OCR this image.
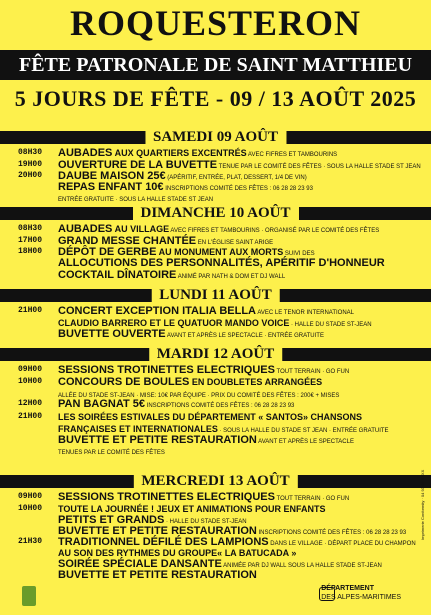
ROQUESTERON
FÊTE PATRONALE DE SAINT MATTHIEU
5 JOURS DE FÊTE - 09 / 13 AOÛT 2025
SAMEDI 09 AOÛT
08H30 AUBADES AUX QUARTIERS EXCENTRÉS AVEC FIFRES ET TAMBOURINS
19H00 OUVERTURE DE LA BUVETTE TENUE PAR LE COMITÉ DES FÊTES · SOUS LA HALLE STADE ST JEAN
20H00 DAUBE MAISON 25€ (APÉRITIF, ENTRÉE, PLAT, DESSERT, 1/4 DE VIN)
REPAS ENFANT 10€ INSCRIPTIONS COMITÉ DES FÊTES : 06 28 28 23 93
ENTRÉE GRATUITE · SOUS LA HALLE STADE ST JEAN
DIMANCHE 10 AOÛT
08H30 AUBADES AU VILLAGE AVEC FIFRES ET TAMBOURINS · ORGANISÉ PAR LE COMITÉ DES FÊTES
17H00 GRAND MESSE CHANTÉE EN L'ÉGLISE SAINT ARIGE
18H00 DÉPÔT DE GERBE AU MONUMENT AUX MORTS SUIVI DES
ALLOCUTIONS DES PERSONNALITÉS, APÉRITIF D'HONNEUR
COCKTAIL DÎNATOIRE ANIMÉ PAR NATH & DOM ET DJ WALL
LUNDI 11 AOÛT
21H00 CONCERT EXCEPTION ITALIA BELLA AVEC LE TENOR INTERNATIONAL
CLAUDIO BARRERO ET LE QUATUOR MANDO VOICE · HALLE DU STADE ST-JEAN
BUVETTE OUVERTE AVANT ET APRÈS LE SPECTACLE · ENTRÉE GRATUITE
MARDI 12 AOÛT
09H00 SESSIONS TROTINETTES ELECTRIQUES TOUT TERRAIN · GO FUN
10H00 CONCOURS DE BOULES EN DOUBLETES ARRANGÉES
ALLÉE DU STADE ST-JEAN · MISE: 10€ PAR ÉQUIPE · PRIX DU COMITÉ DES FÊTES : 200€ + MISES
12H00 PAN BAGNAT 5€ INSCRIPTIONS COMITÉ DES FÊTES : 06 28 28 23 93
21H00 LES SOIRÉES ESTIVALES DU DÉPARTEMENT « SANTOS» CHANSONS
FRANÇAISES ET INTERNATIONALES · SOUS LA HALLE DU STADE ST JEAN · ENTRÉE GRATUITE
BUVETTE ET PETITE RESTAURATION AVANT ET APRÈS LE SPECTACLE
TENUES PAR LE COMITÉ DES FÊTES
MERCREDI 13 AOÛT
09H00 SESSIONS TROTINETTES ELECTRIQUES TOUT TERRAIN · GO FUN
10H00 TOUTE LA JOURNÉE ! JEUX ET ANIMATIONS POUR ENFANTS
PETITS ET GRANDS · HALLE DU STADE ST-JEAN
BUVETTE ET PETITE RESTAURATION INSCRIPTIONS COMITÉ DES FÊTES : 06 28 28 23 93
21H30 TRADITIONNEL DÉFILÉ DES LAMPIONS DANS LE VILLAGE · DÉPART PLACE DU CHAMPON
AU SON DES RYTHMES DU GROUPE« LA BATUCADA »
SOIRÉE SPÉCIALE DANSANTE ANIMÉE PAR DJ WALL SOUS LA HALLE STADE ST-JEAN
BUVETTE ET PETITE RESTAURATION
DÉPARTEMENT
DES ALPES-MARITIMES
Imprimerie Conformity · 04 93 45 XXXX
